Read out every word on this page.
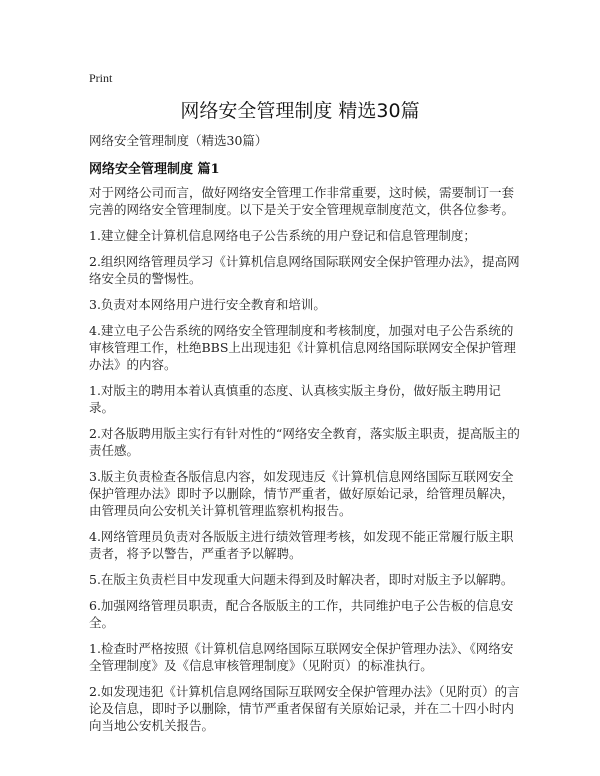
Print
网络安全管理制度 精选30篇
网络安全管理制度（精选30篇）
网络安全管理制度 篇1

对于网络公司而言，做好网络安全管理工作非常重要，这时候，需要制订一套完善的网络安全管理制度。以下是关于安全管理规章制度范文，供各位参考。

1.建立健全计算机信息网络电子公告系统的用户登记和信息管理制度；

2.组织网络管理员学习《计算机信息网络国际联网安全保护管理办法》，提高网络安全员的警惕性。

3.负责对本网络用户进行安全教育和培训。

4.建立电子公告系统的网络安全管理制度和考核制度，加强对电子公告系统的审核管理工作，杜绝BBS上出现违犯《计算机信息网络国际联网安全保护管理办法》的内容。

1.对版主的聘用本着认真慎重的态度、认真核实版主身份，做好版主聘用记录。

2.对各版聘用版主实行有针对性的“网络安全教育，落实版主职责，提高版主的责任感。

3.版主负责检查各版信息内容，如发现违反《计算机信息网络国际互联网安全保护管理办法》即时予以删除，情节严重者，做好原始记录，给管理员解决，由管理员向公安机关计算机管理监察机构报告。

4.网络管理员负责对各版版主进行绩效管理考核，如发现不能正常履行版主职责者，将予以警告，严重者予以解聘。

5.在版主负责栏目中发现重大问题未得到及时解决者，即时对版主予以解聘。

6.加强网络管理员职责，配合各版版主的工作，共同维护电子公告板的信息安全。

1.检查时严格按照《计算机信息网络国际互联网安全保护管理办法》、《网络安全管理制度》及《信息审核管理制度》（见附页）的标准执行。

2.如发现违犯《计算机信息网络国际互联网安全保护管理办法》（见附页）的言论及信息，即时予以删除，情节严重者保留有关原始记录，并在二十四小时内向当地公安机关报告。
